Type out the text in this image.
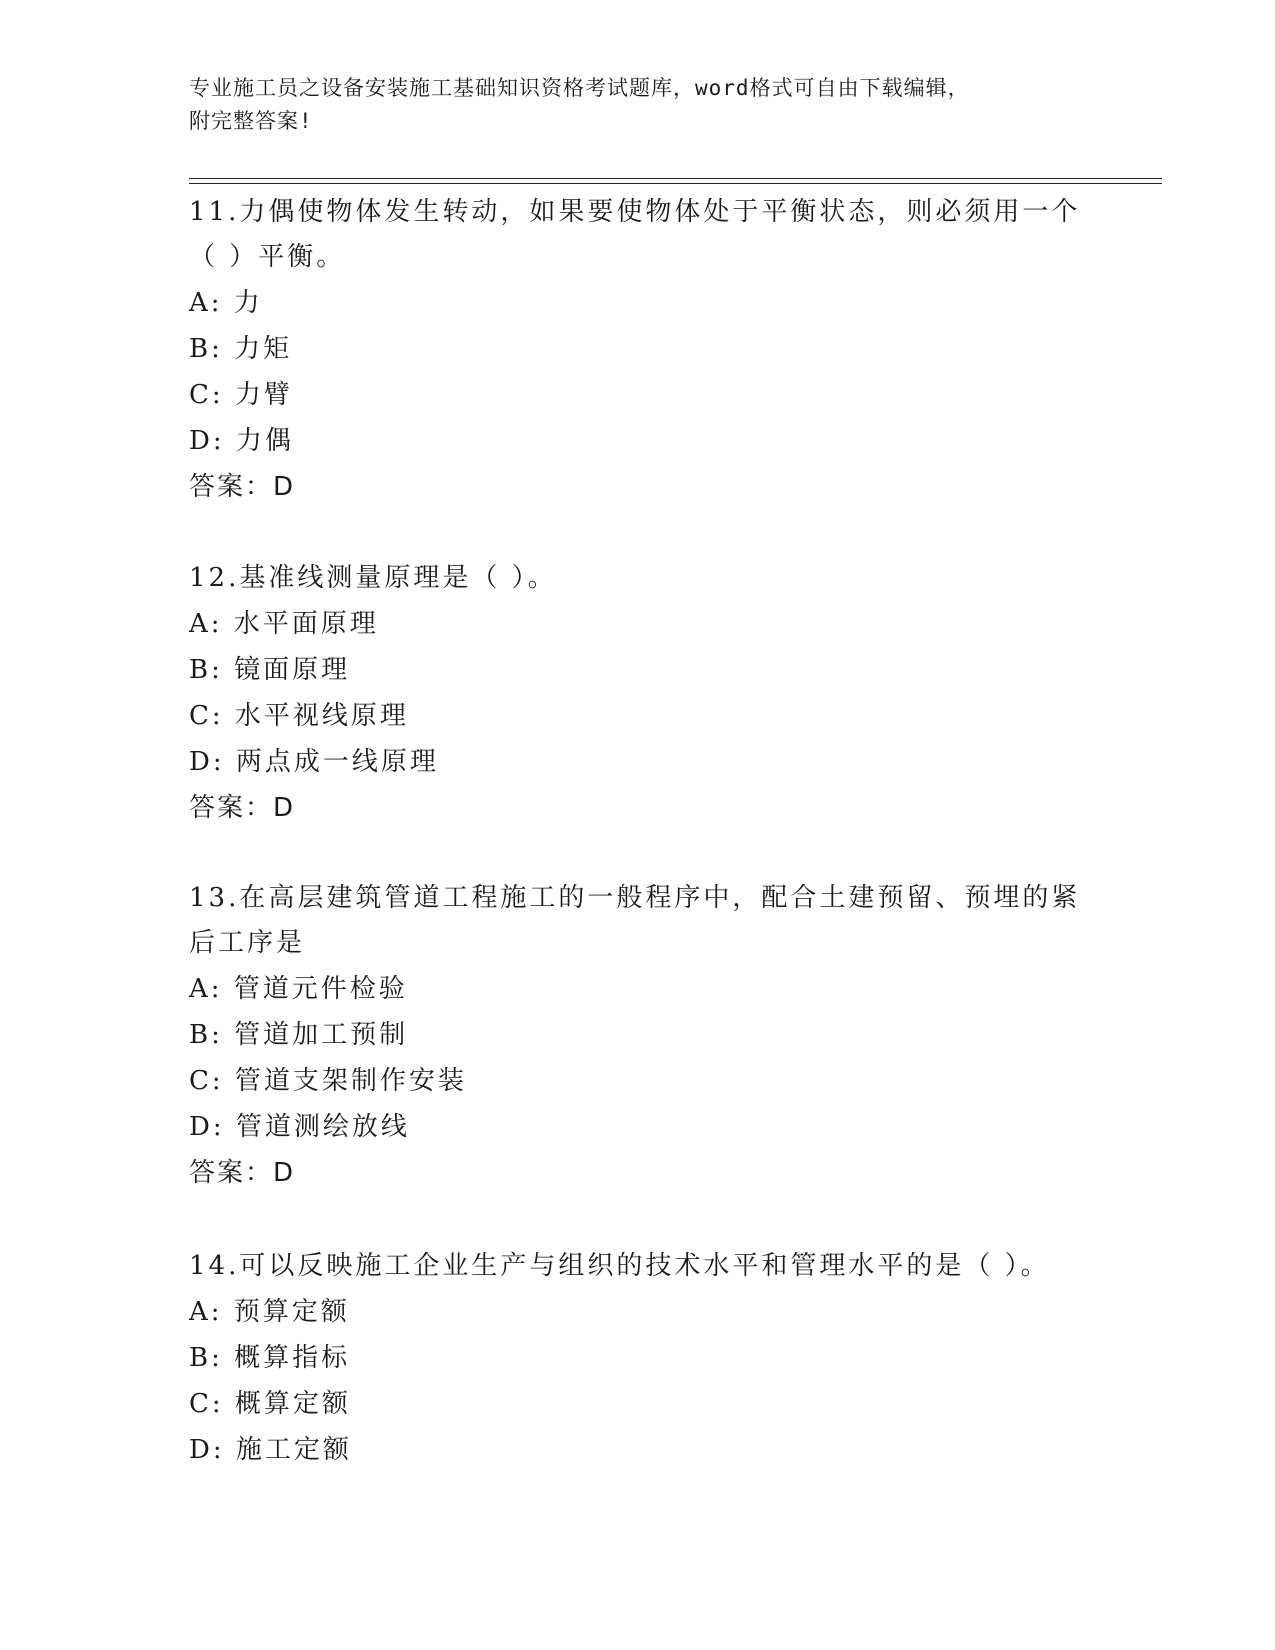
专业施工员之设备安装施工基础知识资格考试题库，word格式可自由下载编辑，
附完整答案!
11.力偶使物体发生转动，如果要使物体处于平衡状态，则必须用一个
（ ）平衡。
A: 力
B: 力矩
C: 力臂
D: 力偶
答案：D
12.基准线测量原理是（ ）。
A: 水平面原理
B: 镜面原理
C: 水平视线原理
D: 两点成一线原理
答案：D
13.在高层建筑管道工程施工的一般程序中，配合土建预留、预埋的紧
后工序是
A: 管道元件检验
B: 管道加工预制
C: 管道支架制作安装
D: 管道测绘放线
答案：D
14.可以反映施工企业生产与组织的技术水平和管理水平的是（ ）。
A: 预算定额
B: 概算指标
C: 概算定额
D: 施工定额
